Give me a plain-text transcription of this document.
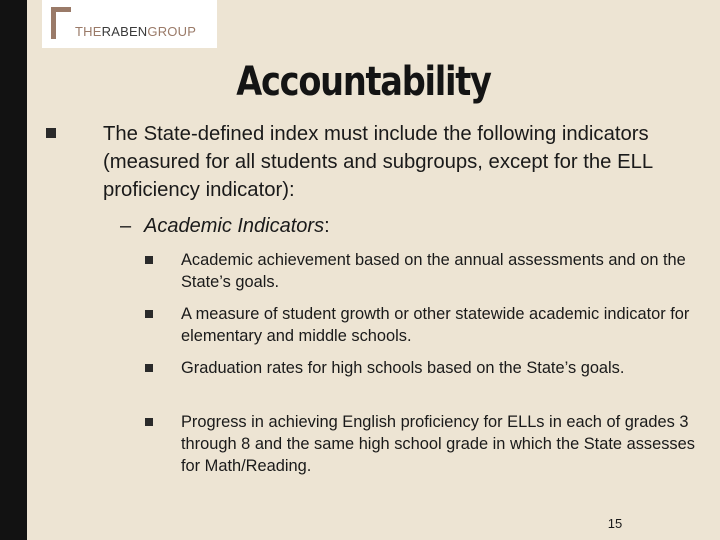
THERABENGROUP
Accountability
The State-defined index must include the following indicators (measured for all students and subgroups, except for the ELL proficiency indicator):
– Academic Indicators:
Academic achievement based on the annual assessments and on the State’s goals.
A measure of student growth or other statewide academic indicator for elementary and middle schools.
Graduation rates for high schools based on the State’s goals.
Progress in achieving English proficiency for ELLs in each of grades 3 through 8 and the same high school grade in which the State assesses for Math/Reading.
15
